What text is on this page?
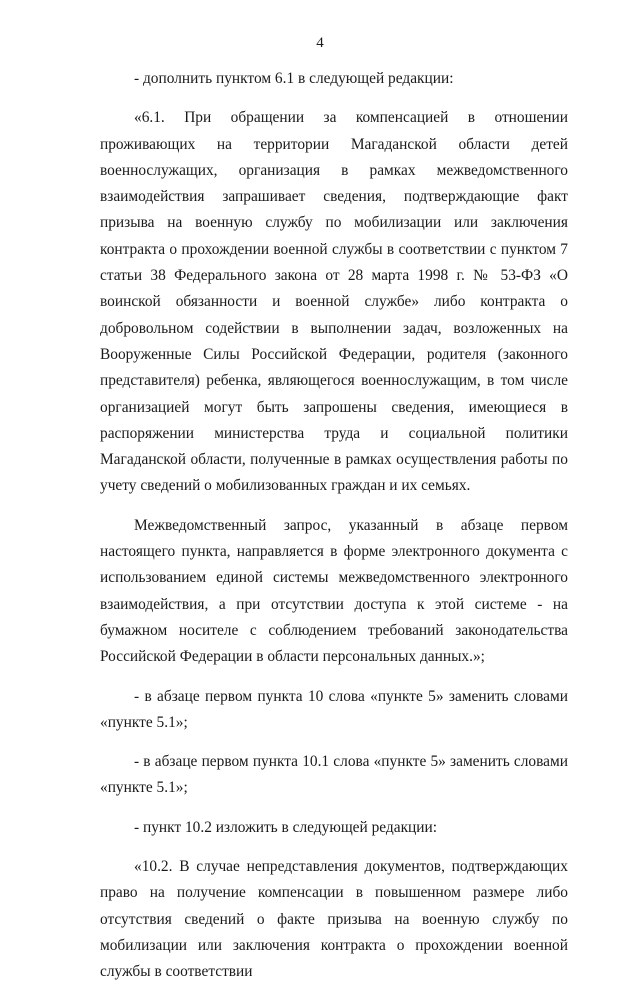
4

- дополнить пунктом 6.1 в следующей редакции:

«6.1. При обращении за компенсацией в отношении проживающих на территории Магаданской области детей военнослужащих, организация в рамках межведомственного взаимодействия запрашивает сведения, подтверждающие факт призыва на военную службу по мобилизации или заключения контракта о прохождении военной службы в соответствии с пунктом 7 статьи 38 Федерального закона от 28 марта 1998 г. № 53-ФЗ «О воинской обязанности и военной службе» либо контракта о добровольном содействии в выполнении задач, возложенных на Вооруженные Силы Российской Федерации, родителя (законного представителя) ребенка, являющегося военнослужащим, в том числе организацией могут быть запрошены сведения, имеющиеся в распоряжении министерства труда и социальной политики Магаданской области, полученные в рамках осуществления работы по учету сведений о мобилизованных граждан и их семьях.

Межведомственный запрос, указанный в абзаце первом настоящего пункта, направляется в форме электронного документа с использованием единой системы межведомственного электронного взаимодействия, а при отсутствии доступа к этой системе - на бумажном носителе с соблюдением требований законодательства Российской Федерации в области персональных данных.»;

- в абзаце первом пункта 10 слова «пункте 5» заменить словами «пункте 5.1»;

- в абзаце первом пункта 10.1 слова «пункте 5» заменить словами «пункте 5.1»;

- пункт 10.2 изложить в следующей редакции:

«10.2. В случае непредставления документов, подтверждающих право на получение компенсации в повышенном размере либо отсутствия сведений о факте призыва на военную службу по мобилизации или заключения контракта о прохождении военной службы в соответствии
